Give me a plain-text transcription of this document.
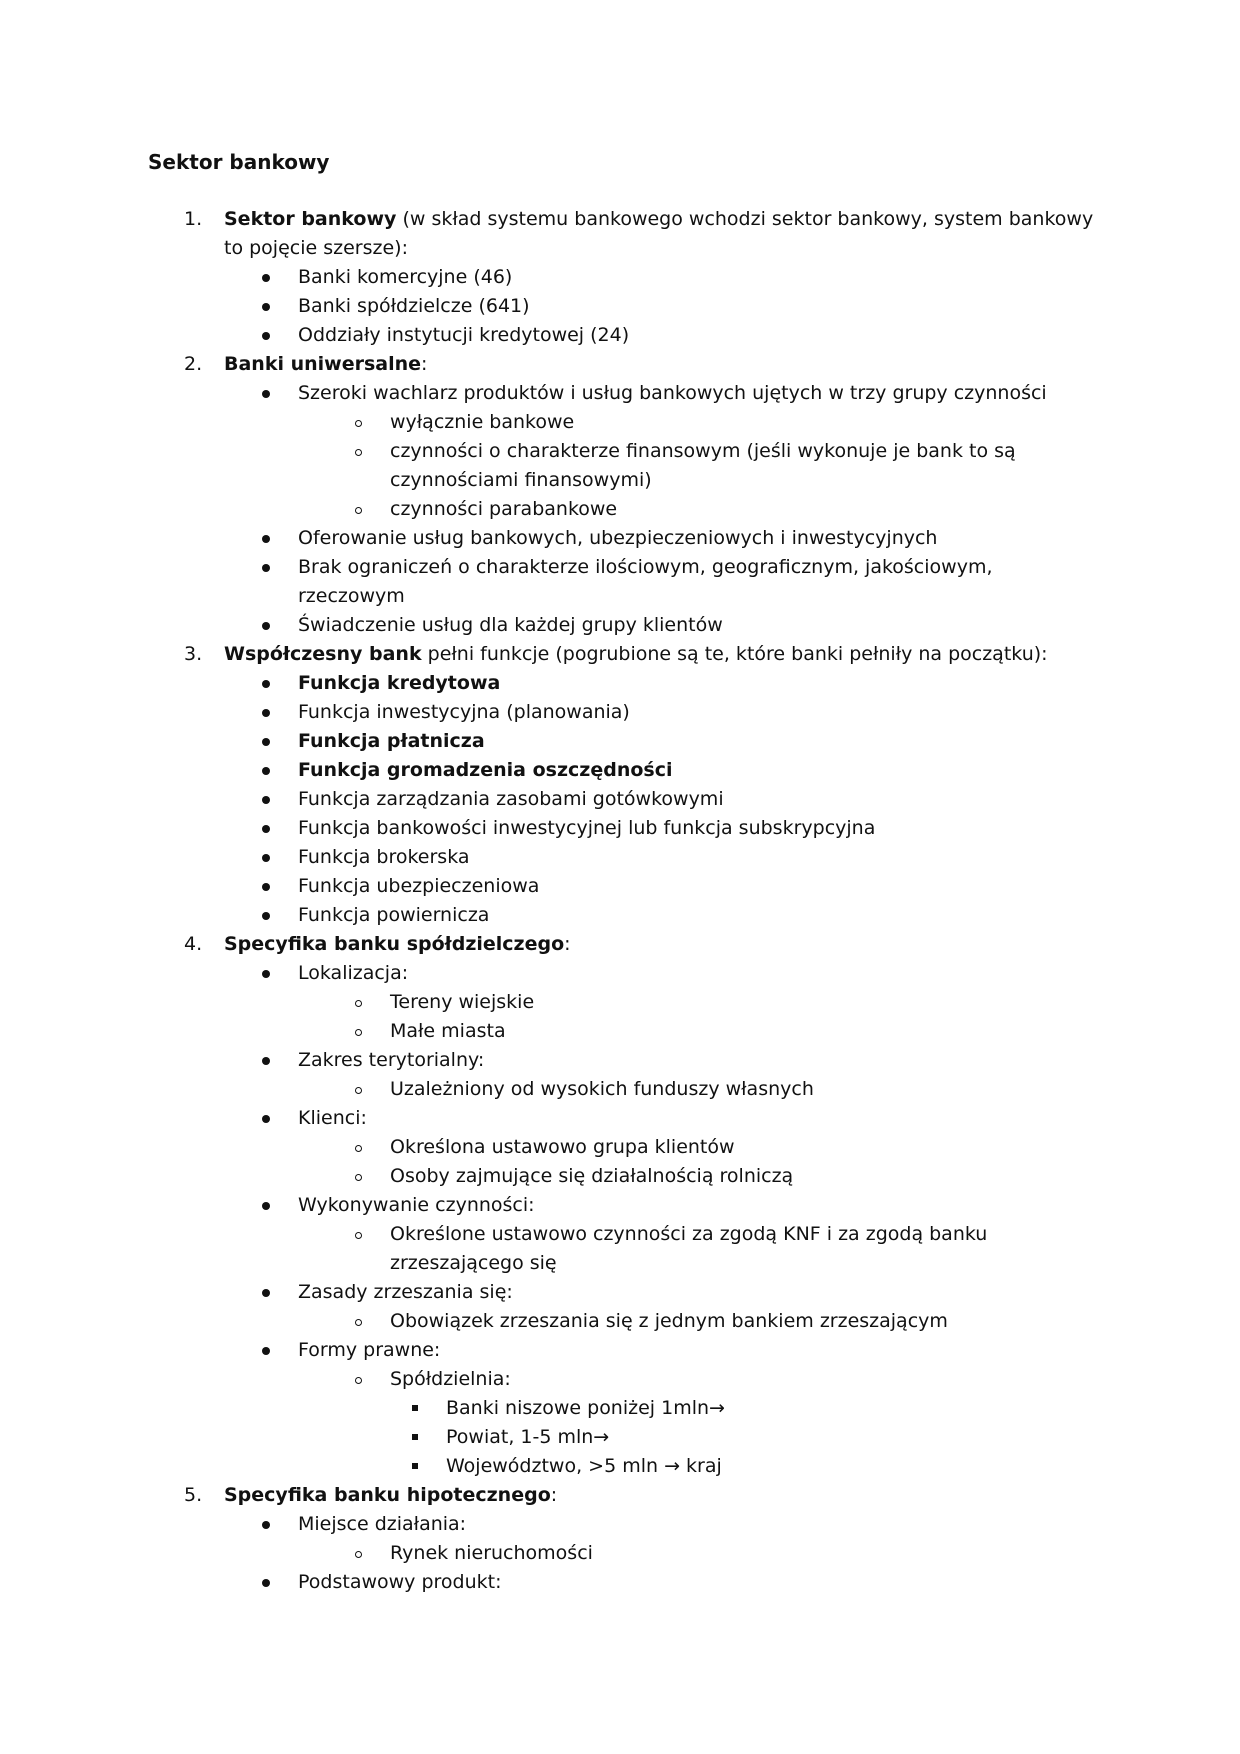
Sektor bankowy
1. Sektor bankowy (w skład systemu bankowego wchodzi sektor bankowy, system bankowy
to pojęcie szersze):
Banki komercyjne (46)
Banki spółdzielcze (641)
Oddziały instytucji kredytowej (24)
2. Banki uniwersalne:
Szeroki wachlarz produktów i usług bankowych ujętych w trzy grupy czynności
wyłącznie bankowe
czynności o charakterze finansowym (jeśli wykonuje je bank to są
czynnościami finansowymi)
czynności parabankowe
Oferowanie usług bankowych, ubezpieczeniowych i inwestycyjnych
Brak ograniczeń o charakterze ilościowym, geograficznym, jakościowym,
rzeczowym
Świadczenie usług dla każdej grupy klientów
3. Współczesny bank pełni funkcje (pogrubione są te, które banki pełniły na początku):
Funkcja kredytowa
Funkcja inwestycyjna (planowania)
Funkcja płatnicza
Funkcja gromadzenia oszczędności
Funkcja zarządzania zasobami gotówkowymi
Funkcja bankowości inwestycyjnej lub funkcja subskrypcyjna
Funkcja brokerska
Funkcja ubezpieczeniowa
Funkcja powiernicza
4. Specyfika banku spółdzielczego:
Lokalizacja:
Tereny wiejskie
Małe miasta
Zakres terytorialny:
Uzależniony od wysokich funduszy własnych
Klienci:
Określona ustawowo grupa klientów
Osoby zajmujące się działalnością rolniczą
Wykonywanie czynności:
Określone ustawowo czynności za zgodą KNF i za zgodą banku
zrzeszającego się
Zasady zrzeszania się:
Obowiązek zrzeszania się z jednym bankiem zrzeszającym
Formy prawne:
Spółdzielnia:
Banki niszowe poniżej 1mln→
Powiat, 1-5 mln→
Województwo, >5 mln → kraj
5. Specyfika banku hipotecznego:
Miejsce działania:
Rynek nieruchomości
Podstawowy produkt:
